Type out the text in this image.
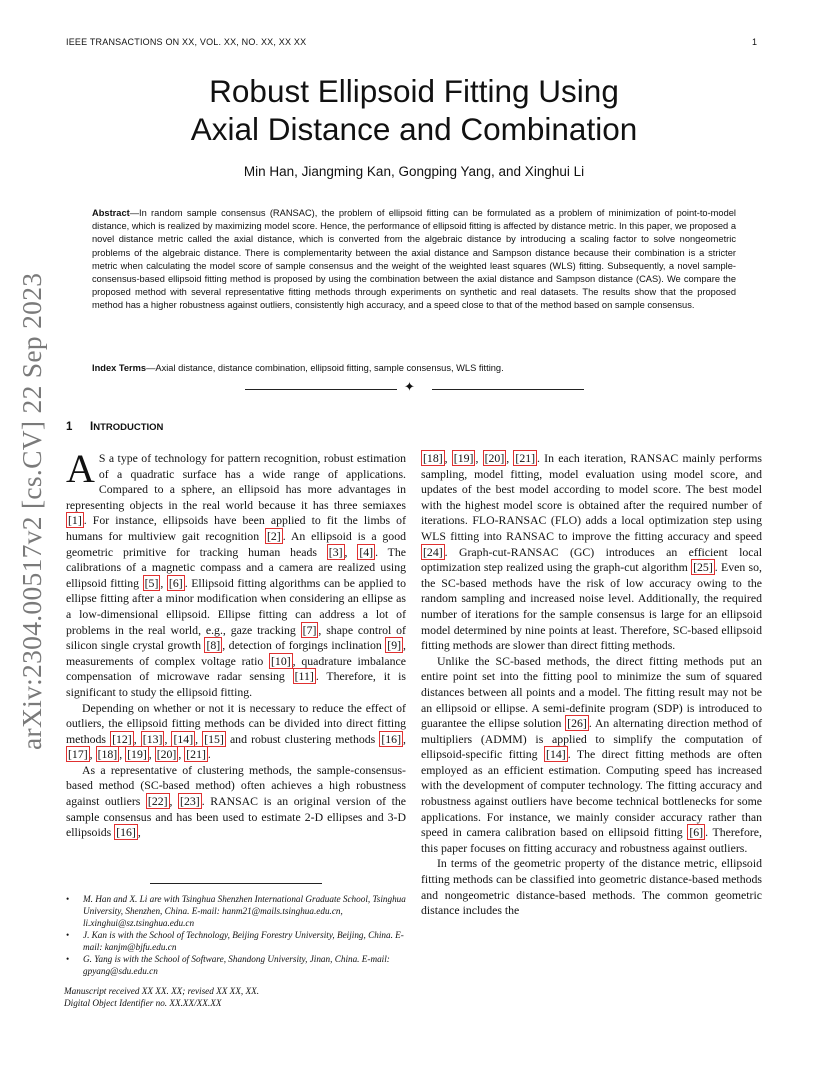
IEEE TRANSACTIONS ON XX, VOL. XX, NO. XX, XX XX	1
arXiv:2304.00517v2 [cs.CV] 22 Sep 2023
Robust Ellipsoid Fitting Using
Axial Distance and Combination
Min Han, Jiangming Kan, Gongping Yang, and Xinghui Li

Abstract—In random sample consensus (RANSAC), the problem of ellipsoid fitting can be formulated as a problem of minimization of point-to-model distance, which is realized by maximizing model score. Hence, the performance of ellipsoid fitting is affected by distance metric. In this paper, we proposed a novel distance metric called the axial distance, which is converted from the algebraic distance by introducing a scaling factor to solve nongeometric problems of the algebraic distance. There is complementarity between the axial distance and Sampson distance because their combination is a stricter metric when calculating the model score of sample consensus and the weight of the weighted least squares (WLS) fitting. Subsequently, a novel sample-consensus-based ellipsoid fitting method is proposed by using the combination between the axial distance and Sampson distance (CAS). We compare the proposed method with several representative fitting methods through experiments on synthetic and real datasets. The results show that the proposed method has a higher robustness against outliers, consistently high accuracy, and a speed close to that of the method based on sample consensus.

Index Terms—Axial distance, distance combination, ellipsoid fitting, sample consensus, WLS fitting.

✦
1 INTRODUCTION

A S a type of technology for pattern recognition, robust estimation of a quadratic surface has a wide range of applications. Compared to a sphere, an ellipsoid has more advantages in representing objects in the real world because it has three semiaxes [1] . For instance, ellipsoids have been applied to fit the limbs of humans for multiview gait recognition [2] . An ellipsoid is a good geometric primitive for tracking human heads [3] , [4] . The calibrations of a magnetic compass and a camera are realized using ellipsoid fitting [5] , [6] . Ellipsoid fitting algorithms can be applied to ellipse fitting after a minor modification when considering an ellipse as a low-dimensional ellipsoid. Ellipse fitting can address a lot of problems in the real world, e.g., gaze tracking [7] , shape control of silicon single crystal growth [8] , detection of forgings inclination [9] , measurements of complex voltage ratio [10] , quadrature imbalance compensation of microwave radar sensing [11] . Therefore, it is significant to study the ellipsoid fitting.

Depending on whether or not it is necessary to reduce the effect of outliers, the ellipsoid fitting methods can be divided into direct fitting methods [12] , [13] , [14] , [15] and robust clustering methods [16] , [17] , [18] , [19] , [20] , [21] .

As a representative of clustering methods, the sample-consensus-based method (SC-based method) often achieves a high robustness against outliers [22] , [23] . RANSAC is an original version of the sample consensus and has been used to estimate 2-D ellipses and 3-D ellipsoids [16] ,

[18] , [19] , [20] , [21] . In each iteration, RANSAC mainly performs sampling, model fitting, model evaluation using model score, and updates of the best model according to model score. The best model with the highest model score is obtained after the required number of iterations. FLO-RANSAC (FLO) adds a local optimization step using WLS fitting into RANSAC to improve the fitting accuracy and speed [24] . Graph-cut-RANSAC (GC) introduces an efficient local optimization step realized using the graph-cut algorithm [25] . Even so, the SC-based methods have the risk of low accuracy owing to the random sampling and increased noise level. Additionally, the required number of iterations for the sample consensus is large for an ellipsoid model determined by nine points at least. Therefore, SC-based ellipsoid fitting methods are slower than direct fitting methods.

Unlike the SC-based methods, the direct fitting methods put an entire point set into the fitting pool to minimize the sum of squared distances between all points and a model. The fitting result may not be an ellipsoid or ellipse. A semi-definite program (SDP) is introduced to guarantee the ellipse solution [26] . An alternating direction method of multipliers (ADMM) is applied to simplify the computation of ellipsoid-specific fitting [14] . The direct fitting methods are often employed as an efficient estimation. Computing speed has increased with the development of computer technology. The fitting accuracy and robustness against outliers have become technical bottlenecks for some applications. For instance, we mainly consider accuracy rather than speed in camera calibration based on ellipsoid fitting [6] . Therefore, this paper focuses on fitting accuracy and robustness against outliers.

In terms of the geometric property of the distance metric, ellipsoid fitting methods can be classified into geometric distance-based methods and nongeometric distance-based methods. The common geometric distance includes the

• M. Han and X. Li are with Tsinghua Shenzhen International Graduate School, Tsinghua University, Shenzhen, China. E-mail: hanm21@mails.tsinghua.edu.cn, li.xinghui@sz.tsinghua.edu.cn
• J. Kan is with the School of Technology, Beijing Forestry University, Beijing, China. E-mail: kanjm@bjfu.edu.cn
• G. Yang is with the School of Software, Shandong University, Jinan, China. E-mail: gpyang@sdu.edu.cn
Manuscript received XX XX. XX; revised XX XX, XX.
Digital Object Identifier no. XX.XX/XX.XX
